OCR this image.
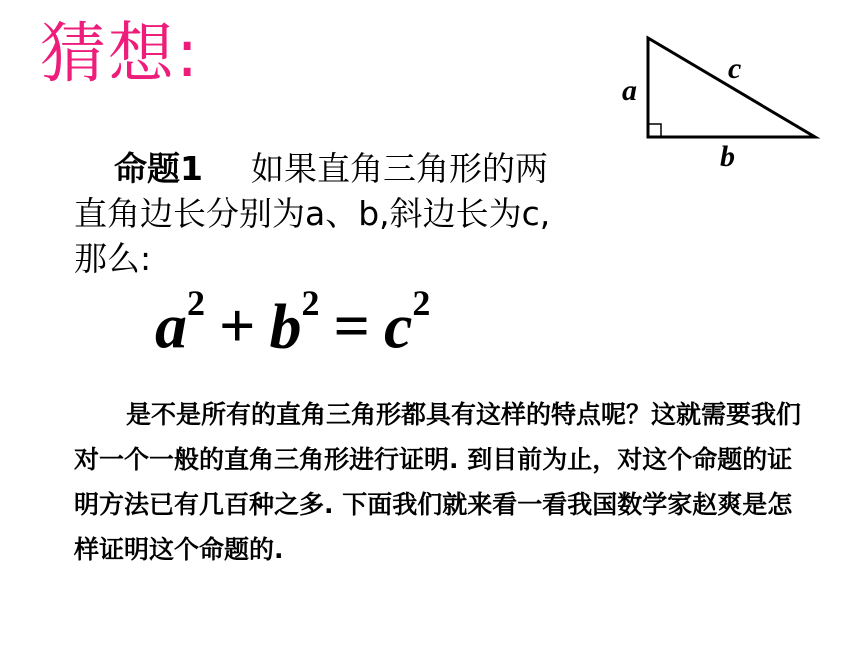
猜想:	a
c
b
命题1 如果直角三角形的两
直角边长分别为a、b,斜边长为c,
那么:
$a^2 + b^2 = c^2$
是不是所有的直角三角形都具有这样的特点呢？这就需要我们对一个一般的直角三角形进行证明. 到目前为止，对这个命题的证明方法已有几百种之多. 下面我们就来看一看我国数学家赵爽是怎样证明这个命题的.
